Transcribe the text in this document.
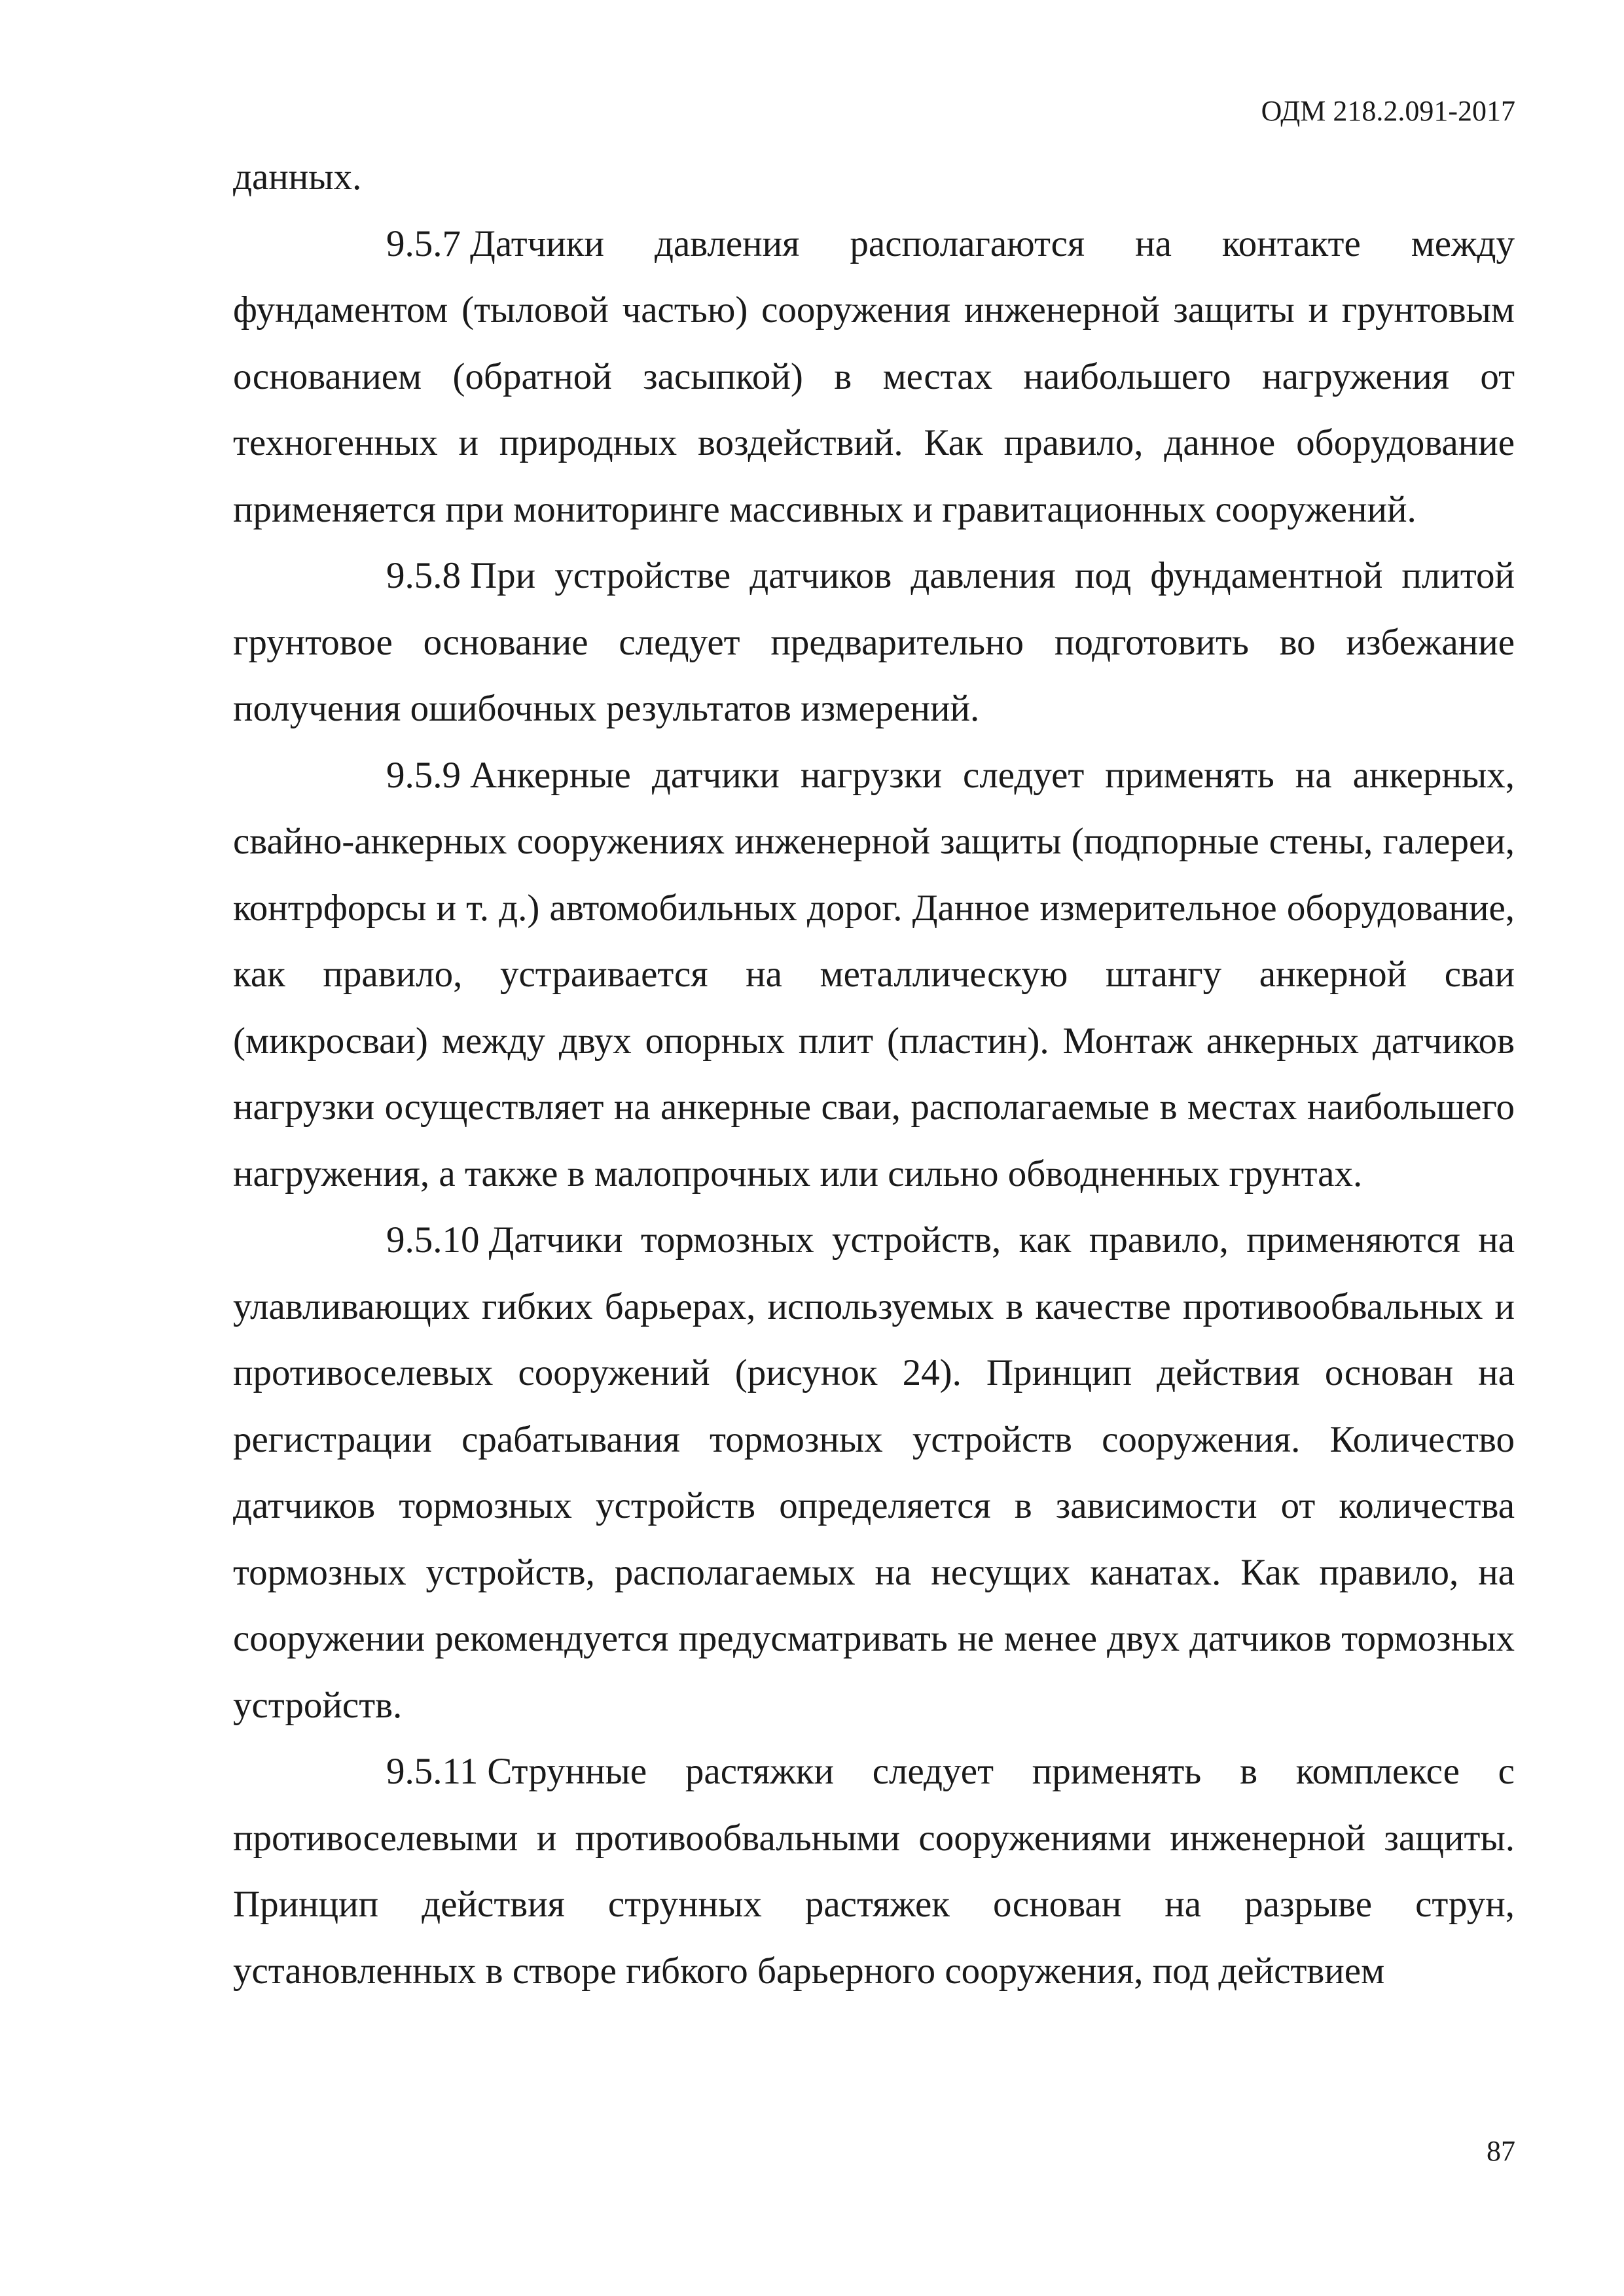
ОДМ 218.2.091-2017

данных.

9.5.7 Датчики давления располагаются на контакте между фундаментом (тыловой частью) сооружения инженерной защиты и грунтовым основанием (обратной засыпкой) в местах наибольшего нагружения от техногенных и природных воздействий. Как правило, данное оборудование применяется при мониторинге массивных и гравитационных сооружений.

9.5.8 При устройстве датчиков давления под фундаментной плитой грунтовое основание следует предварительно подготовить во избежание получения ошибочных результатов измерений.

9.5.9 Анкерные датчики нагрузки следует применять на анкерных, свайно-анкерных сооружениях инженерной защиты (подпорные стены, галереи, контрфорсы и т. д.) автомобильных дорог. Данное измерительное оборудование, как правило, устраивается на металлическую штангу анкерной сваи (микросваи) между двух опорных плит (пластин). Монтаж анкерных датчиков нагрузки осуществляет на анкерные сваи, располагаемые в местах наибольшего нагружения, а также в малопрочных или сильно обводненных грунтах.

9.5.10 Датчики тормозных устройств, как правило, применяются на улавливающих гибких барьерах, используемых в качестве противообвальных и противоселевых сооружений (рисунок 24). Принцип действия основан на регистрации срабатывания тормозных устройств сооружения. Количество датчиков тормозных устройств определяется в зависимости от количества тормозных устройств, располагаемых на несущих канатах. Как правило, на сооружении рекомендуется предусматривать не менее двух датчиков тормозных устройств.

9.5.11 Струнные растяжки следует применять в комплексе с противоселевыми и противообвальными сооружениями инженерной защиты. Принцип действия струнных растяжек основан на разрыве струн, установленных в створе гибкого барьерного сооружения, под действием

87
